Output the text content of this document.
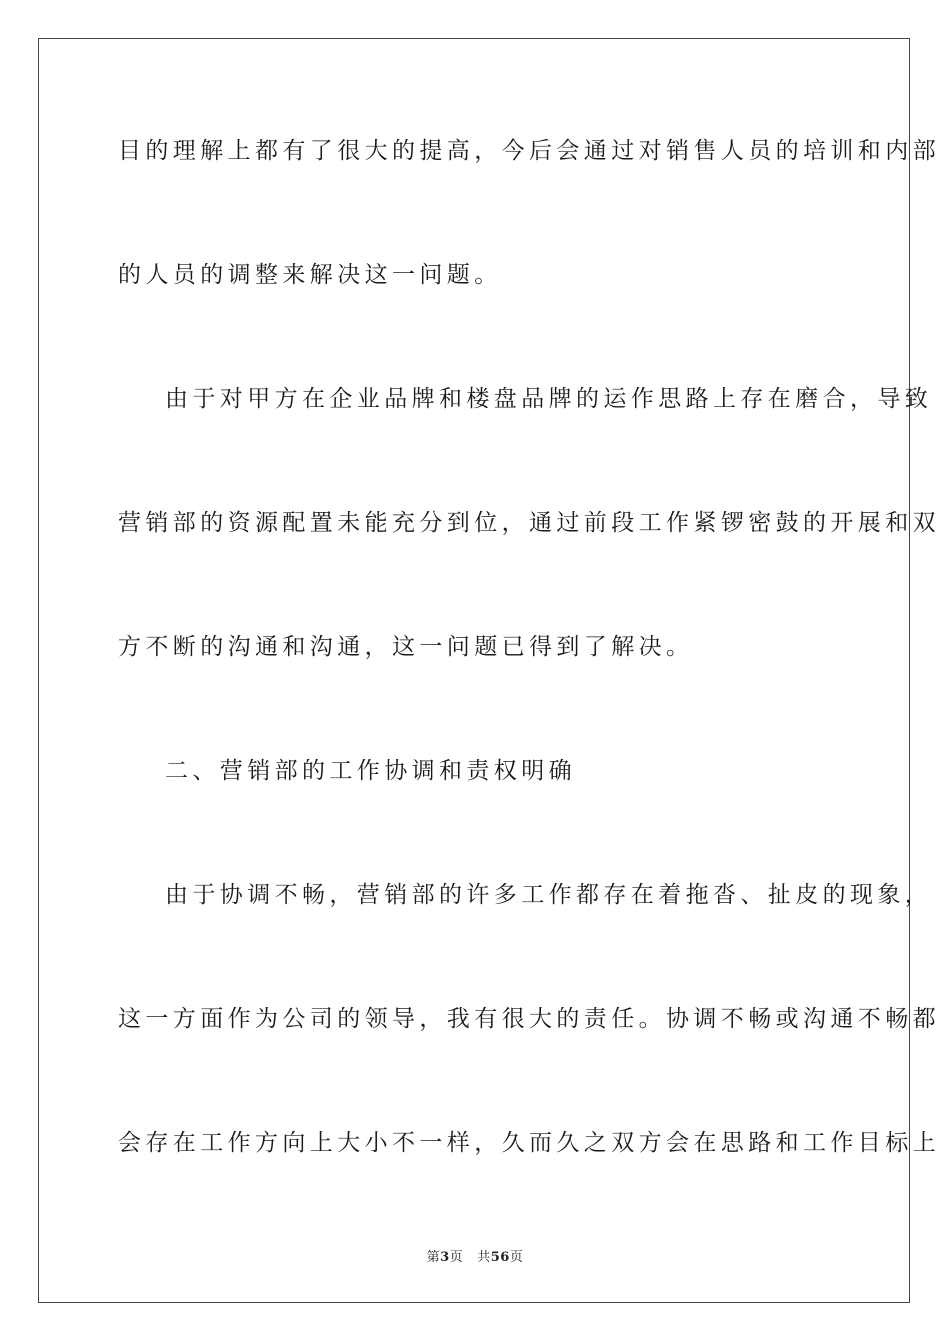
目的理解上都有了很大的提高，今后会通过对销售人员的培训和内部
的人员的调整来解决这一问题。
由于对甲方在企业品牌和楼盘品牌的运作思路上存在磨合，导致
营销部的资源配置未能充分到位，通过前段工作紧锣密鼓的开展和双
方不断的沟通和沟通，这一问题已得到了解决。
二、营销部的工作协调和责权明确
由于协调不畅，营销部的许多工作都存在着拖沓、扯皮的现象，
这一方面作为公司的领导，我有很大的责任。协调不畅或沟通不畅都
会存在工作方向上大小不一样，久而久之双方会在思路和工作目标上
第3页 共56页
